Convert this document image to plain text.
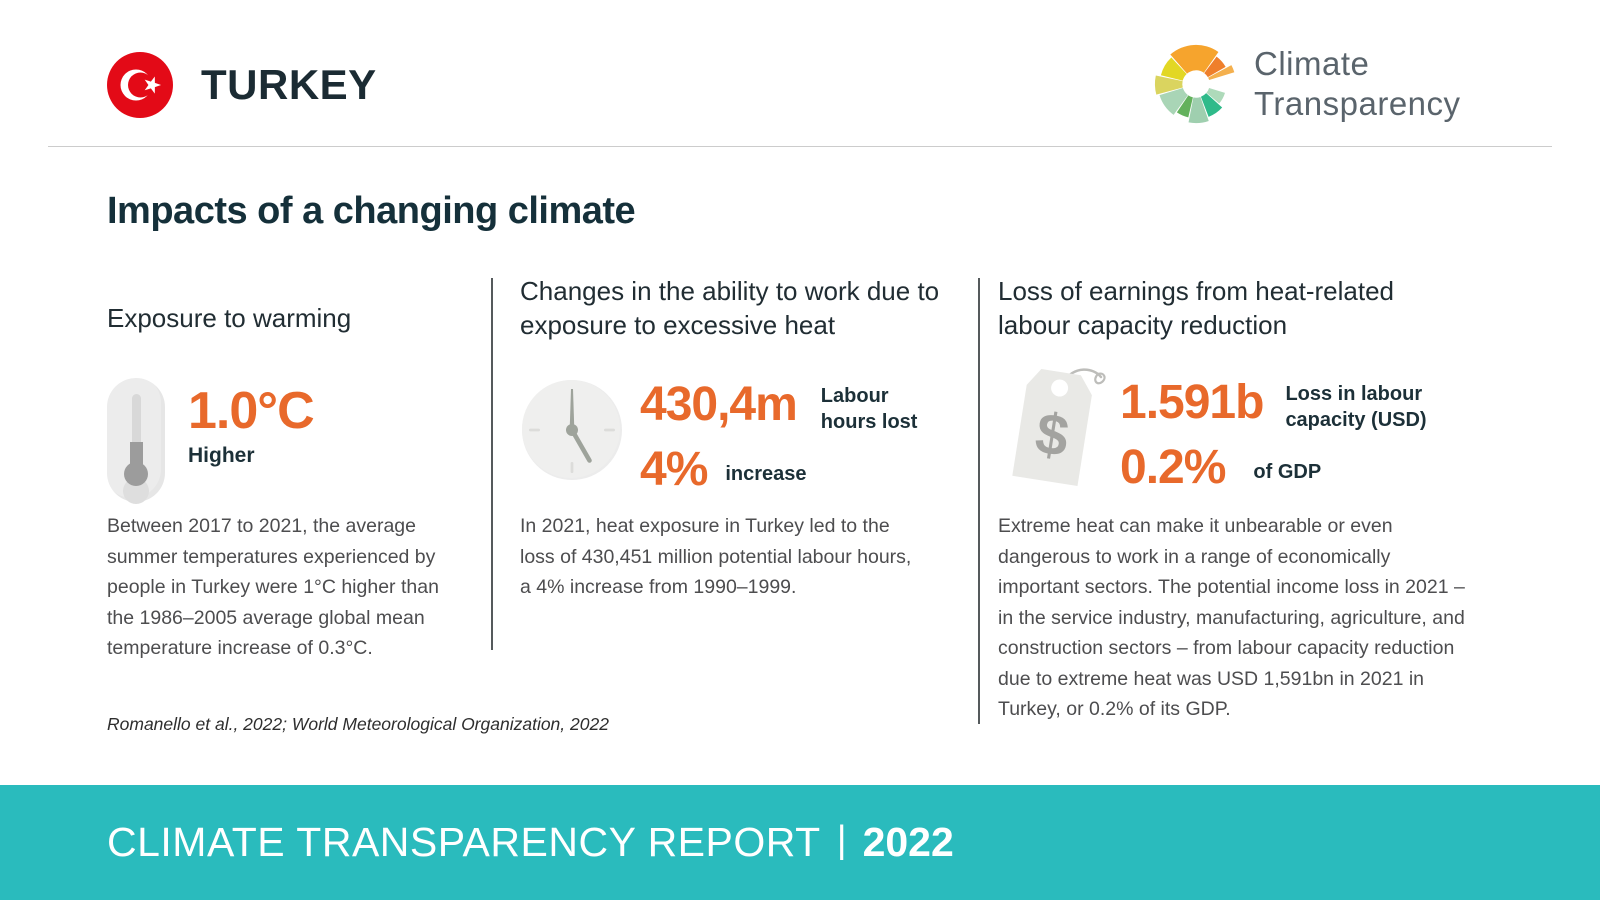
TURKEY	Climate
Transparency
Impacts of a changing climate
Exposure to warming
Changes in the ability to work due to exposure to excessive heat
Loss of earnings from heat-related labour capacity reduction
1.0°C
Higher
Between 2017 to 2021, the average summer temperatures experienced by people in Turkey were 1°C higher than the 1986–2005 average global mean temperature increase of 0.3°C.
430,4m Labour hours lost
4% increase
In 2021, heat exposure in Turkey led to the loss of 430,451 million potential labour hours, a 4% increase from 1990–1999.
$ 1.591b Loss in labour capacity (USD)
0.2% of GDP
Extreme heat can make it unbearable or even dangerous to work in a range of economically important sectors. The potential income loss in 2021 – in the service industry, manufacturing, agriculture, and construction sectors – from labour capacity reduction due to extreme heat was USD 1,591bn in 2021 in Turkey, or 0.2% of its GDP.
Romanello et al., 2022; World Meteorological Organization, 2022
CLIMATE TRANSPARENCY REPORT | 2022
